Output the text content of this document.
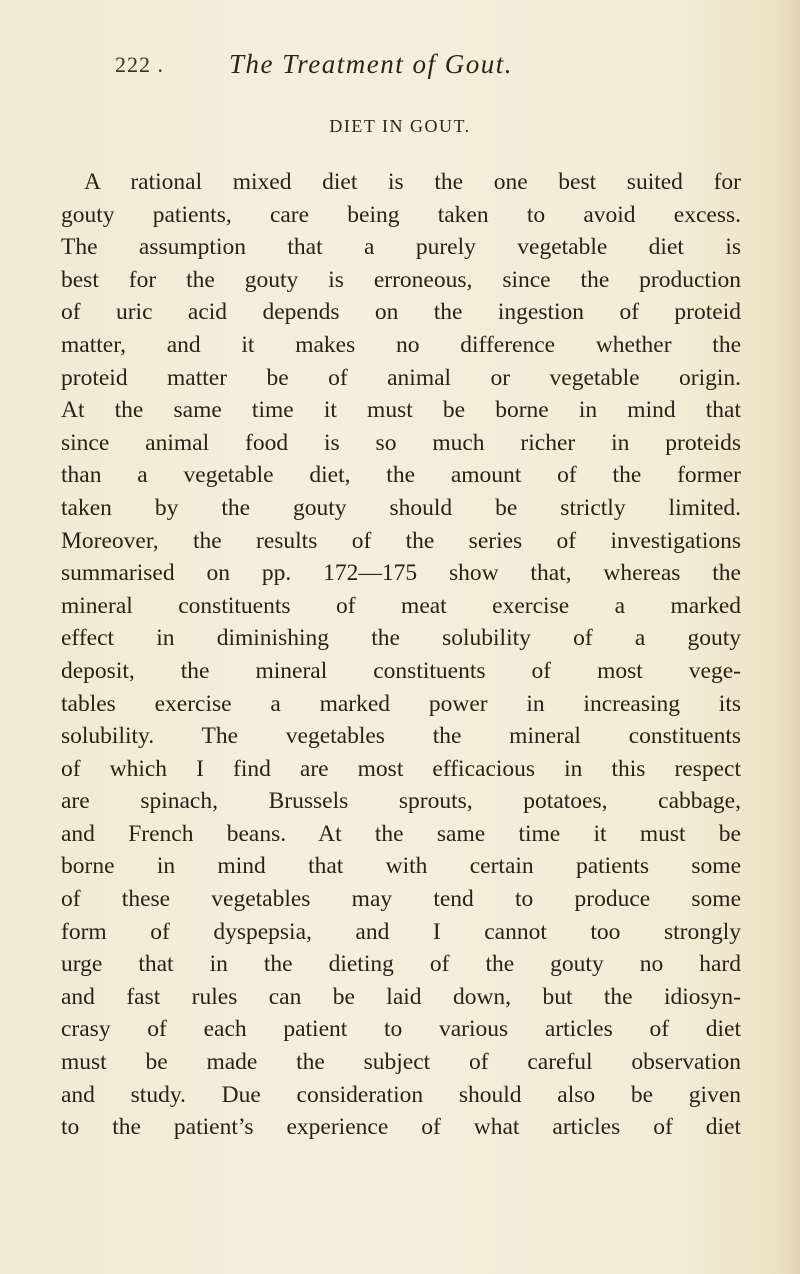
222 . The Treatment of Gout.
DIET IN GOUT.
A rational mixed diet is the one best suited for
gouty patients, care being taken to avoid excess.
The assumption that a purely vegetable diet is
best for the gouty is erroneous, since the production
of uric acid depends on the ingestion of proteid
matter, and it makes no difference whether the
proteid matter be of animal or vegetable origin.
At the same time it must be borne in mind that
since animal food is so much richer in proteids
than a vegetable diet, the amount of the former
taken by the gouty should be strictly limited.
Moreover, the results of the series of investigations
summarised on pp. 172—175 show that, whereas the
mineral constituents of meat exercise a marked
effect in diminishing the solubility of a gouty
deposit, the mineral constituents of most vege-
tables exercise a marked power in increasing its
solubility. The vegetables the mineral constituents
of which I find are most efficacious in this respect
are spinach, Brussels sprouts, potatoes, cabbage,
and French beans. At the same time it must be
borne in mind that with certain patients some
of these vegetables may tend to produce some
form of dyspepsia, and I cannot too strongly
urge that in the dieting of the gouty no hard
and fast rules can be laid down, but the idiosyn-
crasy of each patient to various articles of diet
must be made the subject of careful observation
and study. Due consideration should also be given
to the patient’s experience of what articles of diet
